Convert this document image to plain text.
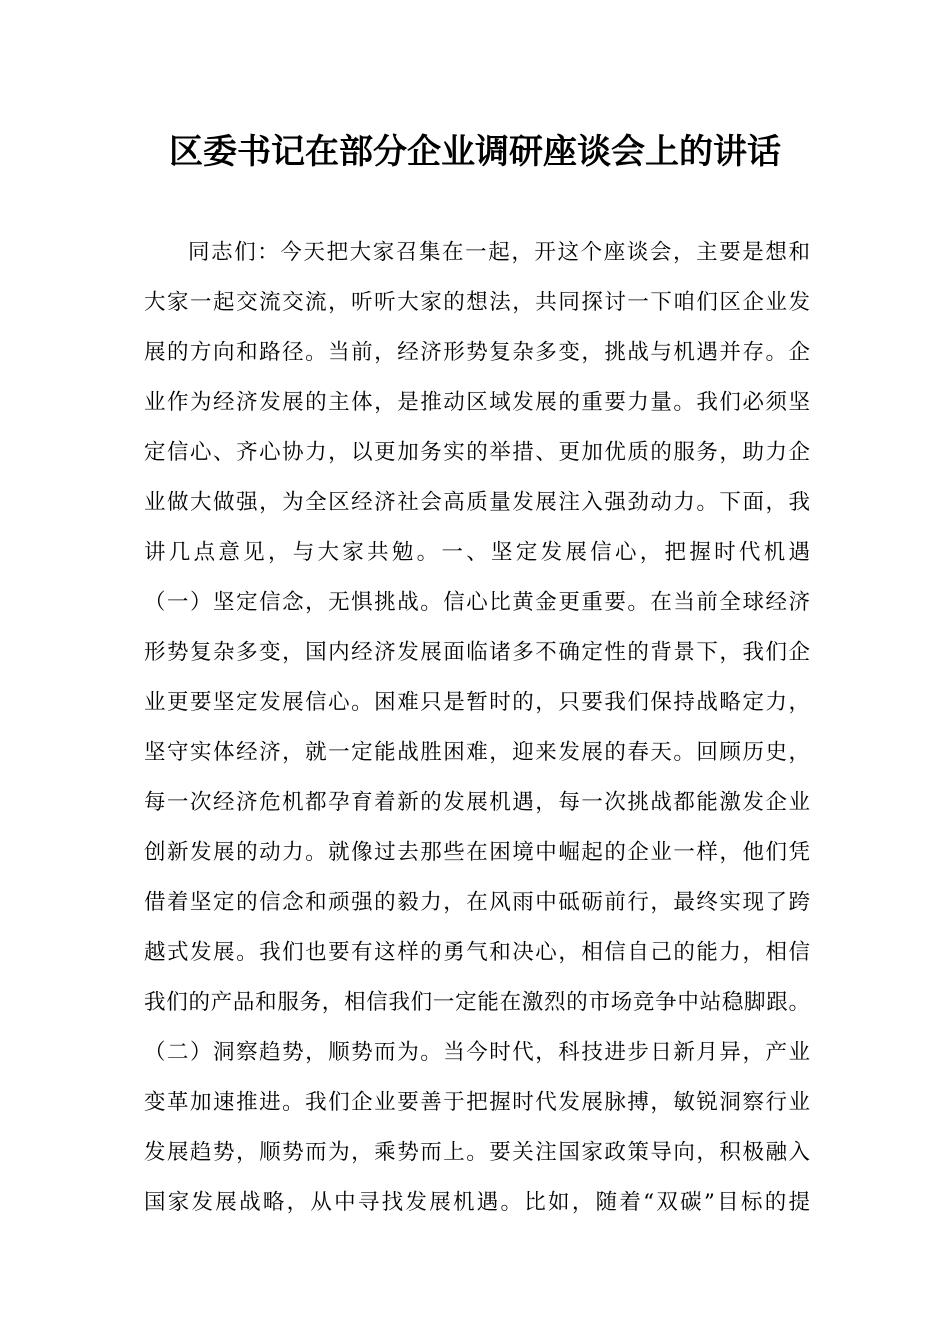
区委书记在部分企业调研座谈会上的讲话
同志们：今天把大家召集在一起，开这个座谈会，主要是想和
大家一起交流交流，听听大家的想法，共同探讨一下咱们区企业发
展的方向和路径。当前，经济形势复杂多变，挑战与机遇并存。企
业作为经济发展的主体，是推动区域发展的重要力量。我们必须坚
定信心、齐心协力，以更加务实的举措、更加优质的服务，助力企
业做大做强，为全区经济社会高质量发展注入强劲动力。下面，我
讲几点意见，与大家共勉。一、坚定发展信心，把握时代机遇
（一）坚定信念，无惧挑战。信心比黄金更重要。在当前全球经济
形势复杂多变，国内经济发展面临诸多不确定性的背景下，我们企
业更要坚定发展信心。困难只是暂时的，只要我们保持战略定力，
坚守实体经济，就一定能战胜困难，迎来发展的春天。回顾历史，
每一次经济危机都孕育着新的发展机遇，每一次挑战都能激发企业
创新发展的动力。就像过去那些在困境中崛起的企业一样，他们凭
借着坚定的信念和顽强的毅力，在风雨中砥砺前行，最终实现了跨
越式发展。我们也要有这样的勇气和决心，相信自己的能力，相信
我们的产品和服务，相信我们一定能在激烈的市场竞争中站稳脚跟。
（二）洞察趋势，顺势而为。当今时代，科技进步日新月异，产业
变革加速推进。我们企业要善于把握时代发展脉搏，敏锐洞察行业
发展趋势，顺势而为，乘势而上。要关注国家政策导向，积极融入
国家发展战略，从中寻找发展机遇。比如，随着“双碳”目标的提
